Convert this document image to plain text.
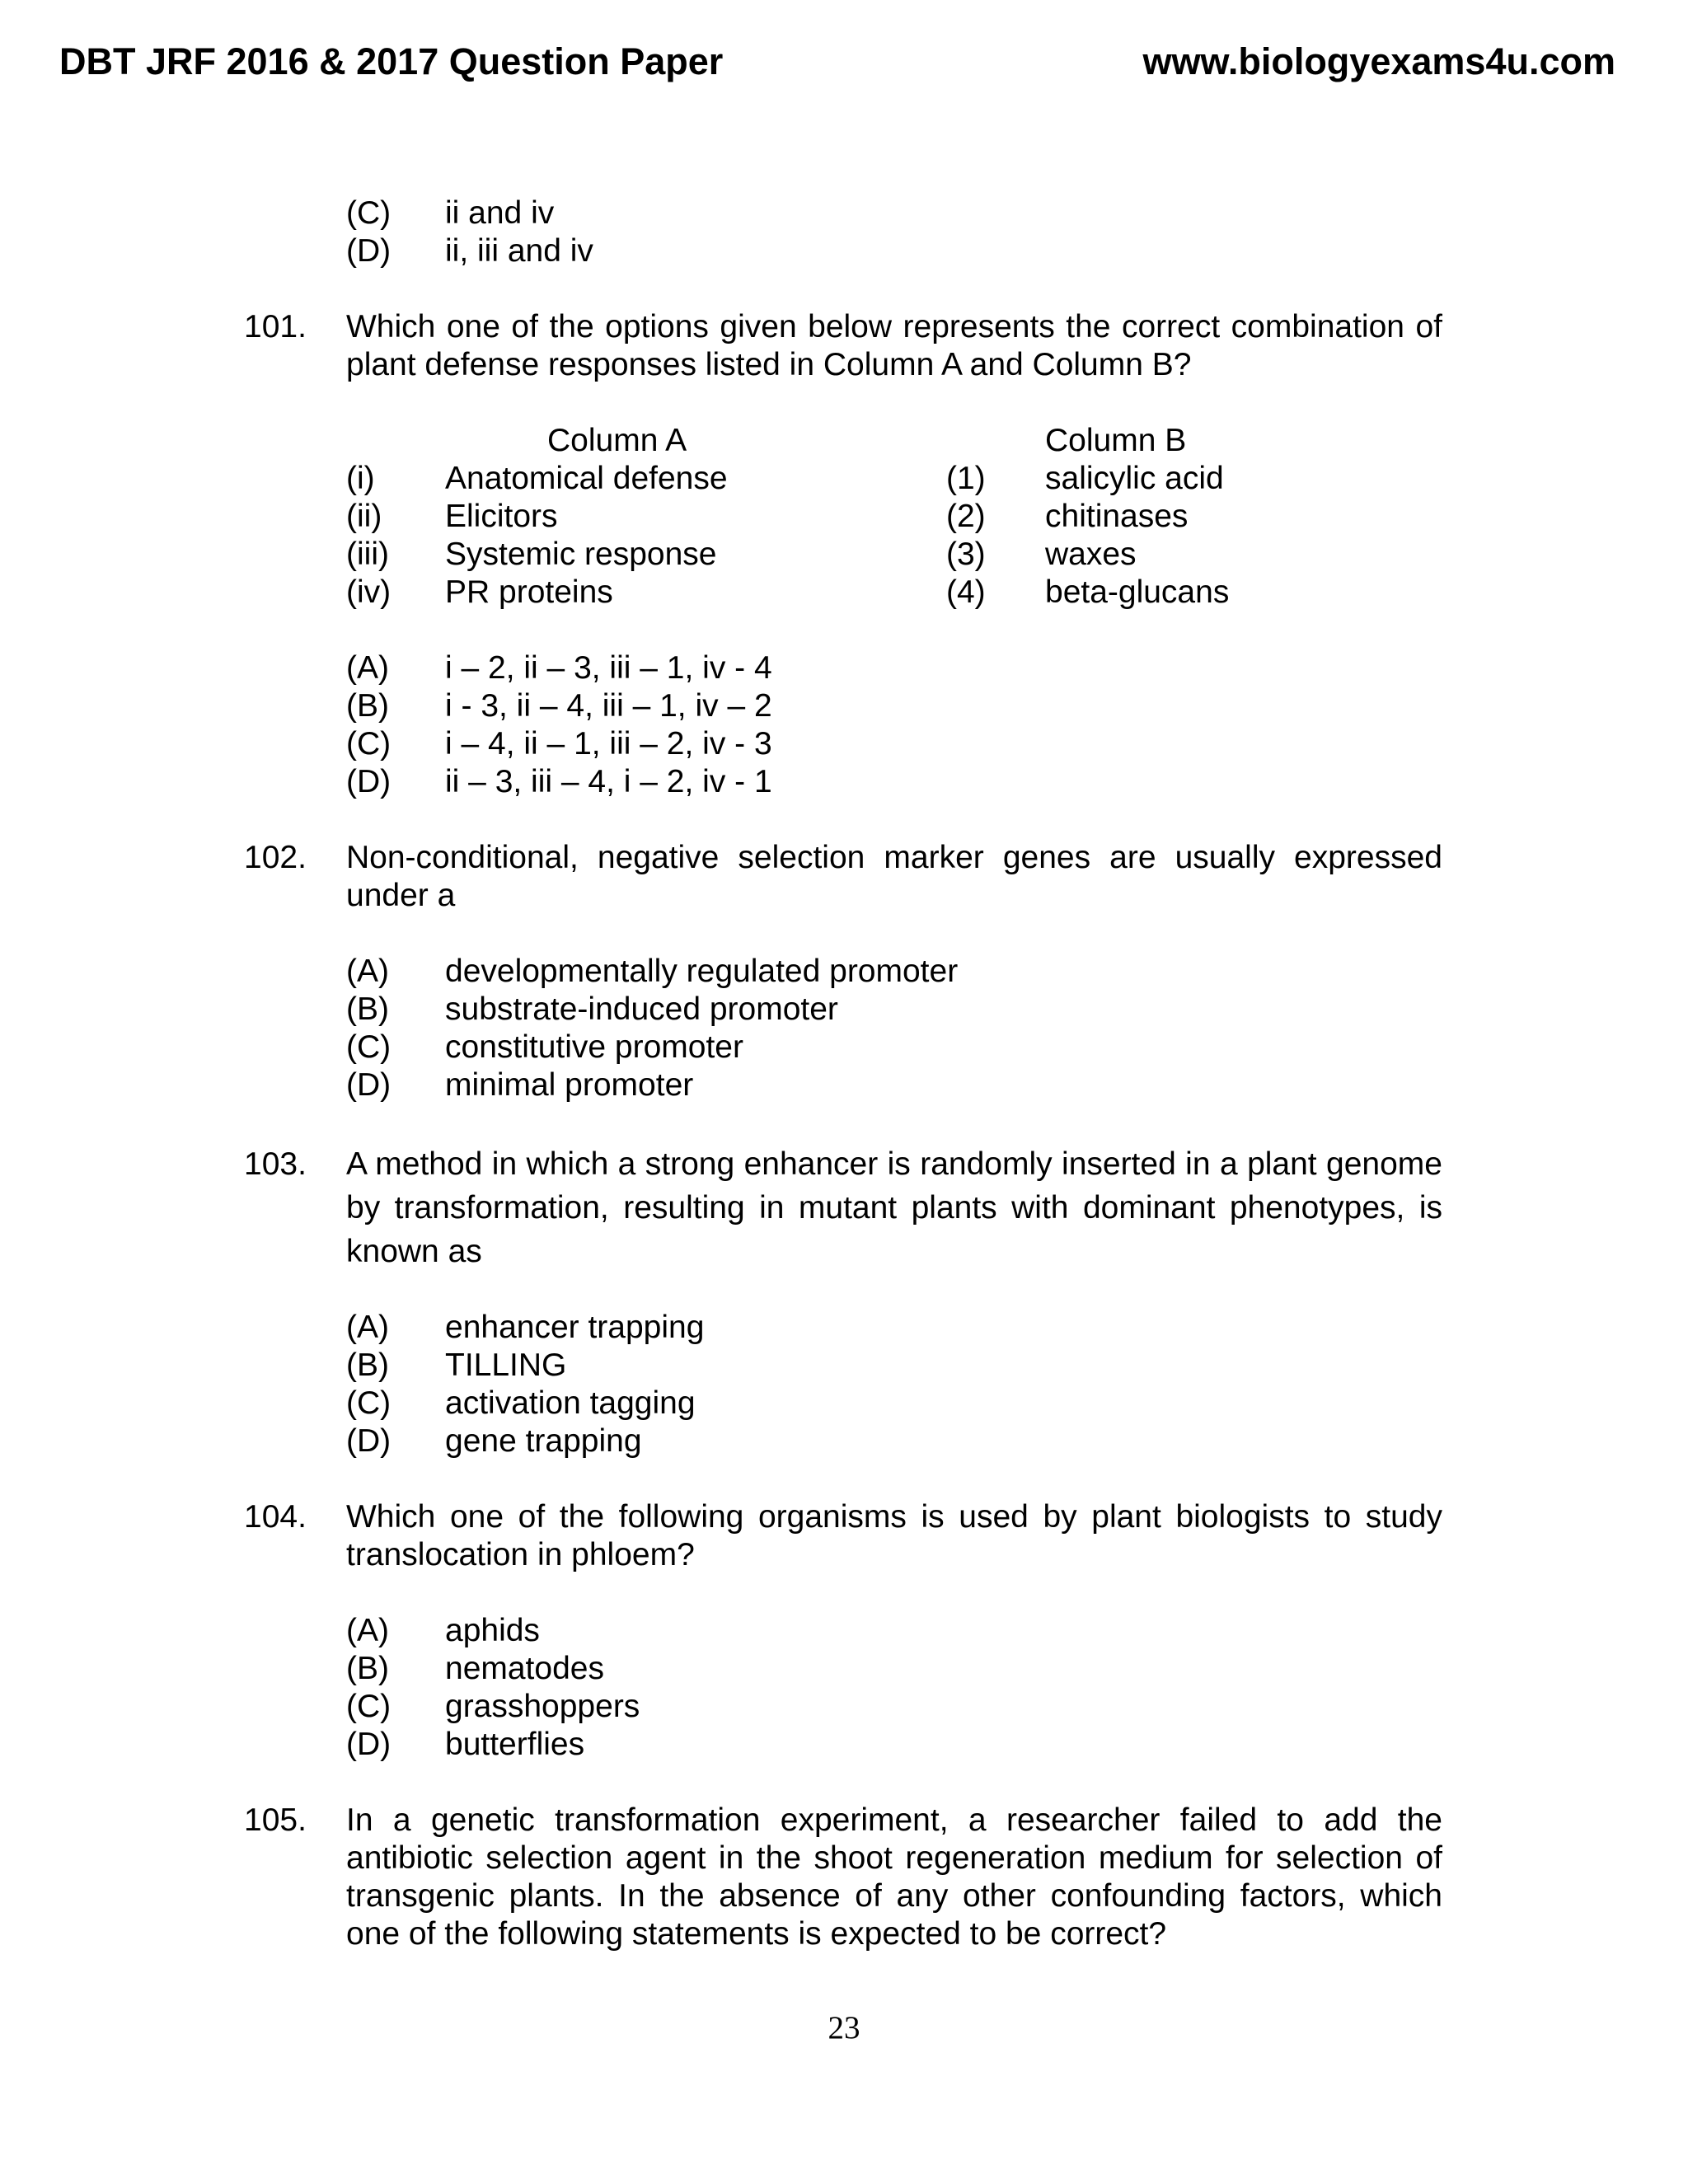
DBT JRF 2016 & 2017 Question Paper	www.biologyexams4u.com
(C) ii and iv
(D) ii, iii and iv
101. Which one of the options given below represents the correct combination of plant defense responses listed in Column A and Column B?
Column A	Column B
(i) Anatomical defense	(1) salicylic acid
(ii) Elicitors	(2) chitinases
(iii) Systemic response	(3) waxes
(iv) PR proteins	(4) beta-glucans
(A) i – 2, ii – 3, iii – 1, iv - 4
(B) i - 3, ii – 4, iii – 1, iv – 2
(C) i – 4, ii – 1, iii – 2, iv - 3
(D) ii – 3, iii – 4, i – 2, iv - 1
102. Non-conditional, negative selection marker genes are usually expressed under a
(A) developmentally regulated promoter
(B) substrate-induced promoter
(C) constitutive promoter
(D) minimal promoter
103. A method in which a strong enhancer is randomly inserted in a plant genome by transformation, resulting in mutant plants with dominant phenotypes, is known as
(A) enhancer trapping
(B) TILLING
(C) activation tagging
(D) gene trapping
104. Which one of the following organisms is used by plant biologists to study translocation in phloem?
(A) aphids
(B) nematodes
(C) grasshoppers
(D) butterflies
105. In a genetic transformation experiment, a researcher failed to add the antibiotic selection agent in the shoot regeneration medium for selection of transgenic plants. In the absence of any other confounding factors, which one of the following statements is expected to be correct?
23
